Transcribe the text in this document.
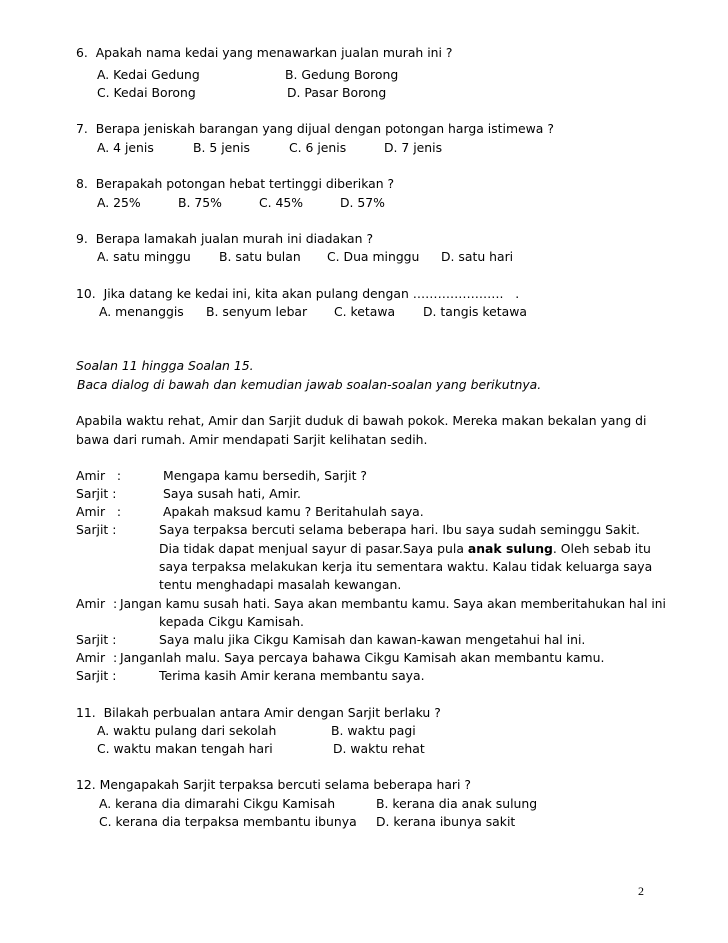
6.  Apakah nama kedai yang menawarkan jualan murah ini ?
A. Kedai Gedung	B. Gedung Borong
C. Kedai Borong	D. Pasar Borong
7.  Berapa jeniskah barangan yang dijual dengan potongan harga istimewa ?
A. 4 jenis	B. 5 jenis	C. 6 jenis	D. 7 jenis
8.  Berapakah potongan hebat tertinggi diberikan ?
A. 25%	B. 75%	C. 45%	D. 57%
9.  Berapa lamakah jualan murah ini diadakan ?
A. satu minggu B. satu bulan C. Dua minggu D. satu hari
10.  Jika datang ke kedai ini, kita akan pulang dengan ………………….   .
A. menanggis B. senyum lebar C. ketawa D. tangis ketawa
Soalan 11 hingga Soalan 15.
Baca dialog di bawah dan kemudian jawab soalan-soalan yang berikutnya.
Apabila waktu rehat, Amir dan Sarjit duduk di bawah pokok. Mereka makan bekalan yang di
bawa dari rumah. Amir mendapati Sarjit kelihatan sedih.
Amir   :	Mengapa kamu bersedih, Sarjit ?
Sarjit :	Saya susah hati, Amir.
Amir   :	Apakah maksud kamu ? Beritahulah saya.
Sarjit :	Saya terpaksa bercuti selama beberapa hari. Ibu saya sudah seminggu Sakit.
Dia tidak dapat menjual sayur di pasar.Saya pula anak sulung. Oleh sebab itu
saya terpaksa melakukan kerja itu sementara waktu. Kalau tidak keluarga saya
tentu menghadapi masalah kewangan.
Amir  : Jangan kamu susah hati. Saya akan membantu kamu. Saya akan memberitahukan hal ini
kepada Cikgu Kamisah.
Sarjit :	Saya malu jika Cikgu Kamisah dan kawan-kawan mengetahui hal ini.
Amir  : Janganlah malu. Saya percaya bahawa Cikgu Kamisah akan membantu kamu.
Sarjit :	Terima kasih Amir kerana membantu saya.
11.  Bilakah perbualan antara Amir dengan Sarjit berlaku ?
A. waktu pulang dari sekolah	B. waktu pagi
C. waktu makan tengah hari	D. waktu rehat
12. Mengapakah Sarjit terpaksa bercuti selama beberapa hari ?
A. kerana dia dimarahi Cikgu Kamisah	B. kerana dia anak sulung
C. kerana dia terpaksa membantu ibunya D. kerana ibunya sakit
2
